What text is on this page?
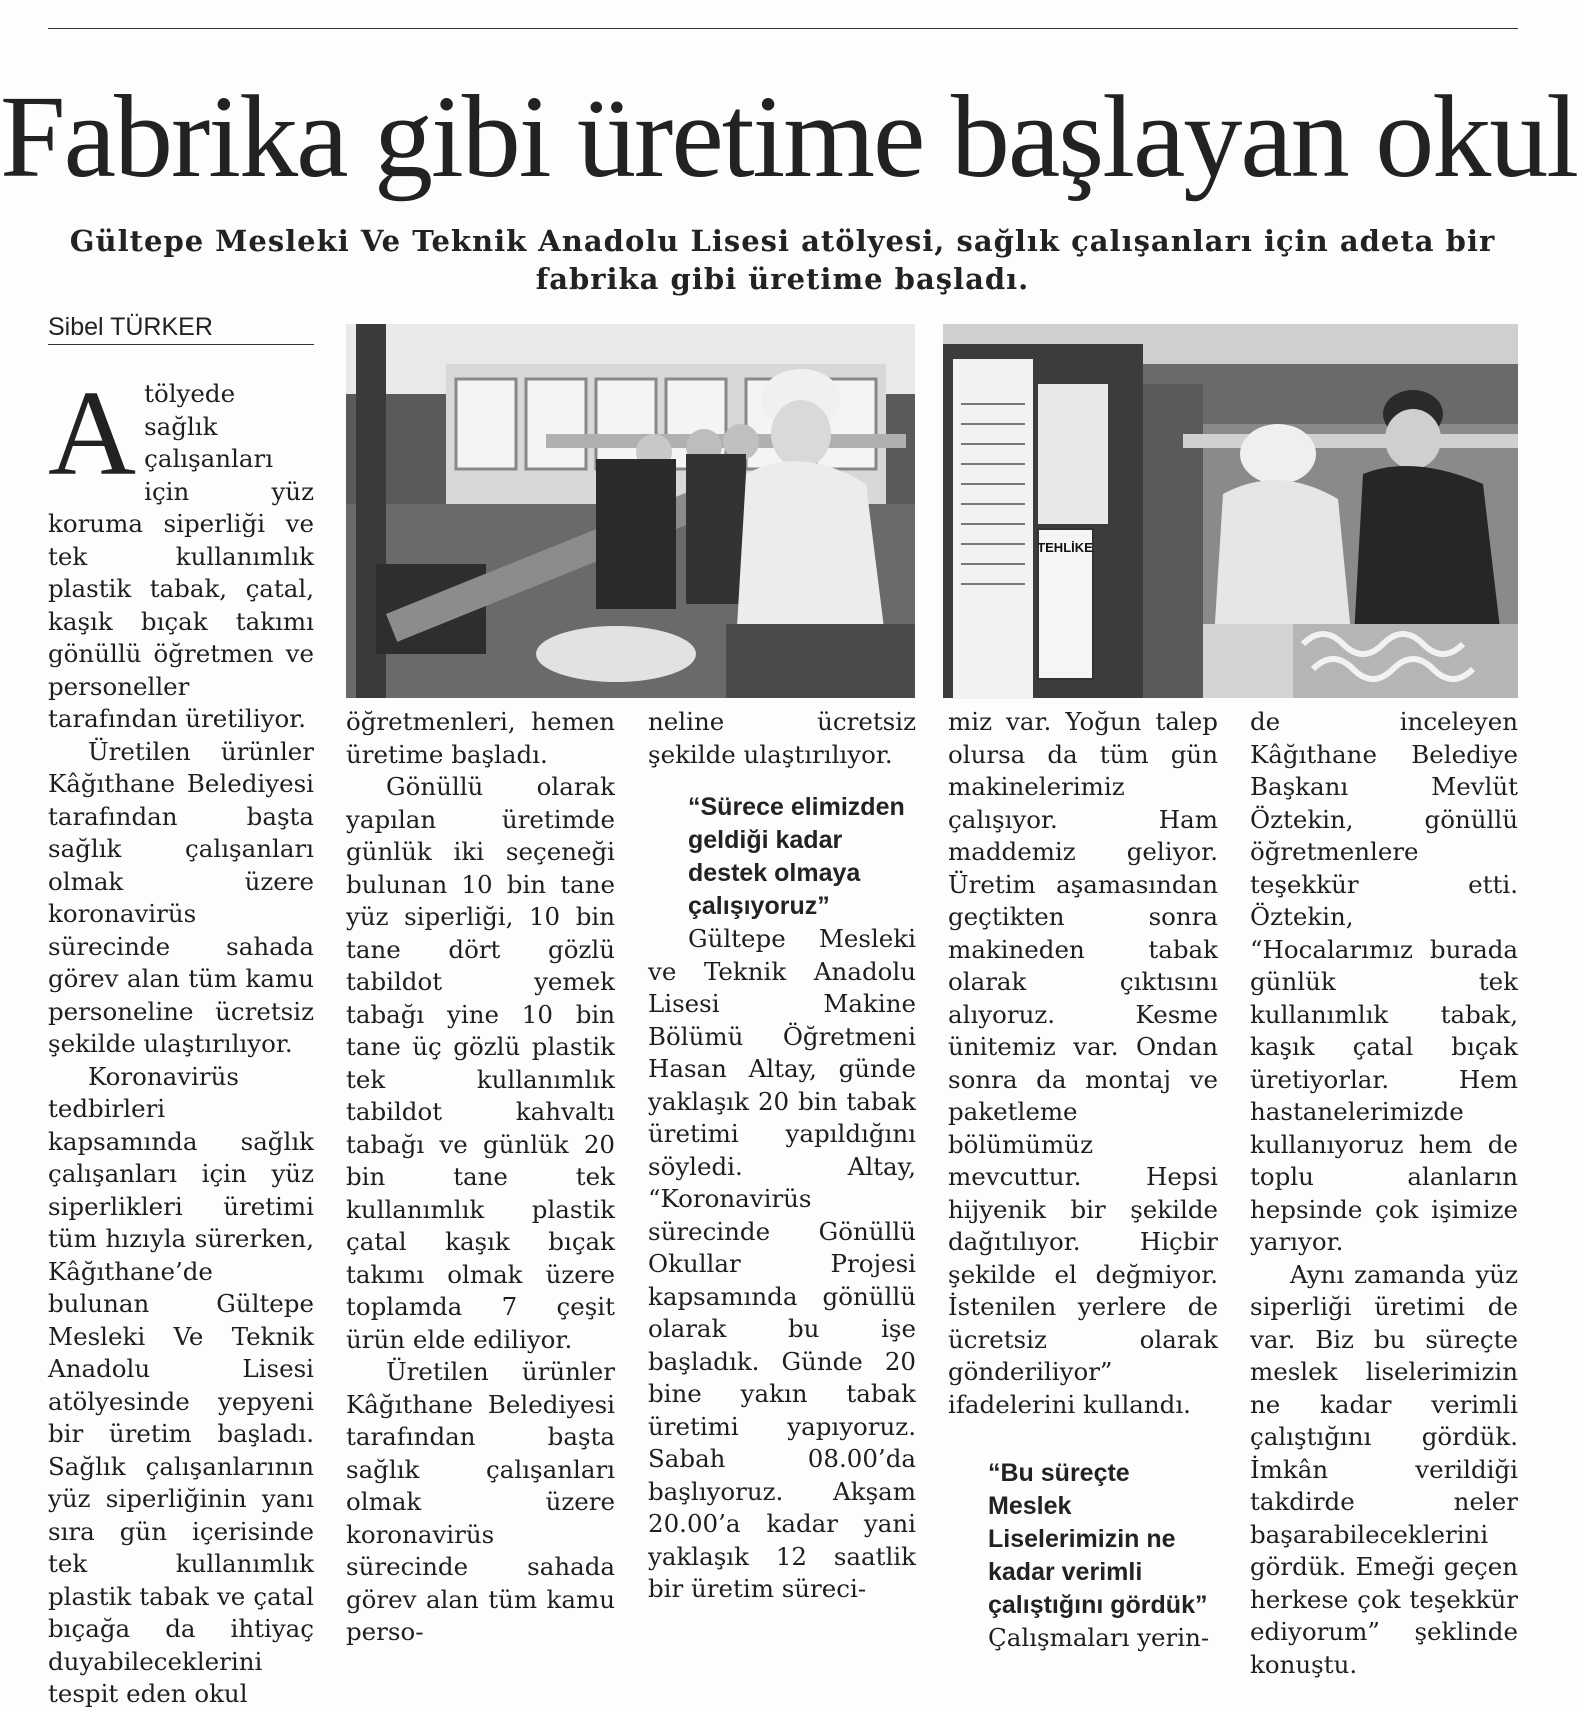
Fabrika gibi üretime başlayan okul
Gültepe Mesleki Ve Teknik Anadolu Lisesi atölyesi, sağlık çalışanları için adeta bir fabrika gibi üretime başladı.
Sibel TÜRKER
TEHLİKE

Atölyede sağlık çalışanları için yüz koruma siperliği ve tek kullanımlık plastik tabak, çatal, kaşık bıçak takımı gönüllü öğretmen ve personeller tarafından üretiliyor.

Üretilen ürünler Kâğıthane Belediyesi tarafından başta sağlık çalışanları olmak üzere koronavirüs sürecinde sahada görev alan tüm kamu personeline ücretsiz şekilde ulaştırılıyor.

Koronavirüs tedbirleri kapsamında sağlık çalışanları için yüz siperlikleri üretimi tüm hızıyla sürerken, Kâğıthane’de bulunan Gültepe Mesleki Ve Teknik Anadolu Lisesi atölyesinde yepyeni bir üretim başladı. Sağlık çalışanlarının yüz siperliğinin yanı sıra gün içerisinde tek kullanımlık plastik tabak ve çatal bıçağa da ihtiyaç duyabileceklerini tespit eden okul

öğretmenleri, hemen üretime başladı.

Gönüllü olarak yapılan üretimde günlük iki seçeneği bulunan 10 bin tane yüz siperliği, 10 bin tane dört gözlü tabildot yemek tabağı yine 10 bin tane üç gözlü plastik tek kullanımlık tabildot kahvaltı tabağı ve günlük 20 bin tane tek kullanımlık plastik çatal kaşık bıçak takımı olmak üzere toplamda 7 çeşit ürün elde ediliyor.

Üretilen ürünler Kâğıthane Belediyesi tarafından başta sağlık çalışanları olmak üzere koronavirüs sürecinde sahada görev alan tüm kamu perso-

neline ücretsiz şekilde ulaştırılıyor.

“Sürece elimizden geldiği kadar destek olmaya çalışıyoruz”

Gültepe Mesleki ve Teknik Anadolu Lisesi Makine Bölümü Öğretmeni Hasan Altay, günde yaklaşık 20 bin tabak üretimi yapıldığını söyledi. Altay, “Koronavirüs sürecinde Gönüllü Okullar Projesi kapsamında gönüllü olarak bu işe başladık. Günde 20 bine yakın tabak üretimi yapıyoruz. Sabah 08.00’da başlıyoruz. Akşam 20.00’a kadar yani yaklaşık 12 saatlik bir üretim süreci-

miz var. Yoğun talep olursa da tüm gün makinelerimiz çalışıyor. Ham maddemiz geliyor. Üretim aşamasından geçtikten sonra makineden tabak olarak çıktısını alıyoruz. Kesme ünitemiz var. Ondan sonra da montaj ve paketleme bölümümüz mevcuttur. Hepsi hijyenik bir şekilde dağıtılıyor. Hiçbir şekilde el değmiyor. İstenilen yerlere de ücretsiz olarak gönderiliyor” ifadelerini kullandı.

“Bu süreçte Meslek Liselerimizin ne kadar verimli çalıştığını gördük”

Çalışmaları yerin-

de inceleyen Kâğıthane Belediye Başkanı Mevlüt Öztekin, gönüllü öğretmenlere teşekkür etti. Öztekin, “Hocalarımız burada günlük tek kullanımlık tabak, kaşık çatal bıçak üretiyorlar. Hem hastanelerimizde kullanıyoruz hem de toplu alanların hepsinde çok işimize yarıyor.

Aynı zamanda yüz siperliği üretimi de var. Biz bu süreçte meslek liselerimizin ne kadar verimli çalıştığını gördük. İmkân verildiği takdirde neler başarabileceklerini gördük. Emeği geçen herkese çok teşekkür ediyorum” şeklinde konuştu.
